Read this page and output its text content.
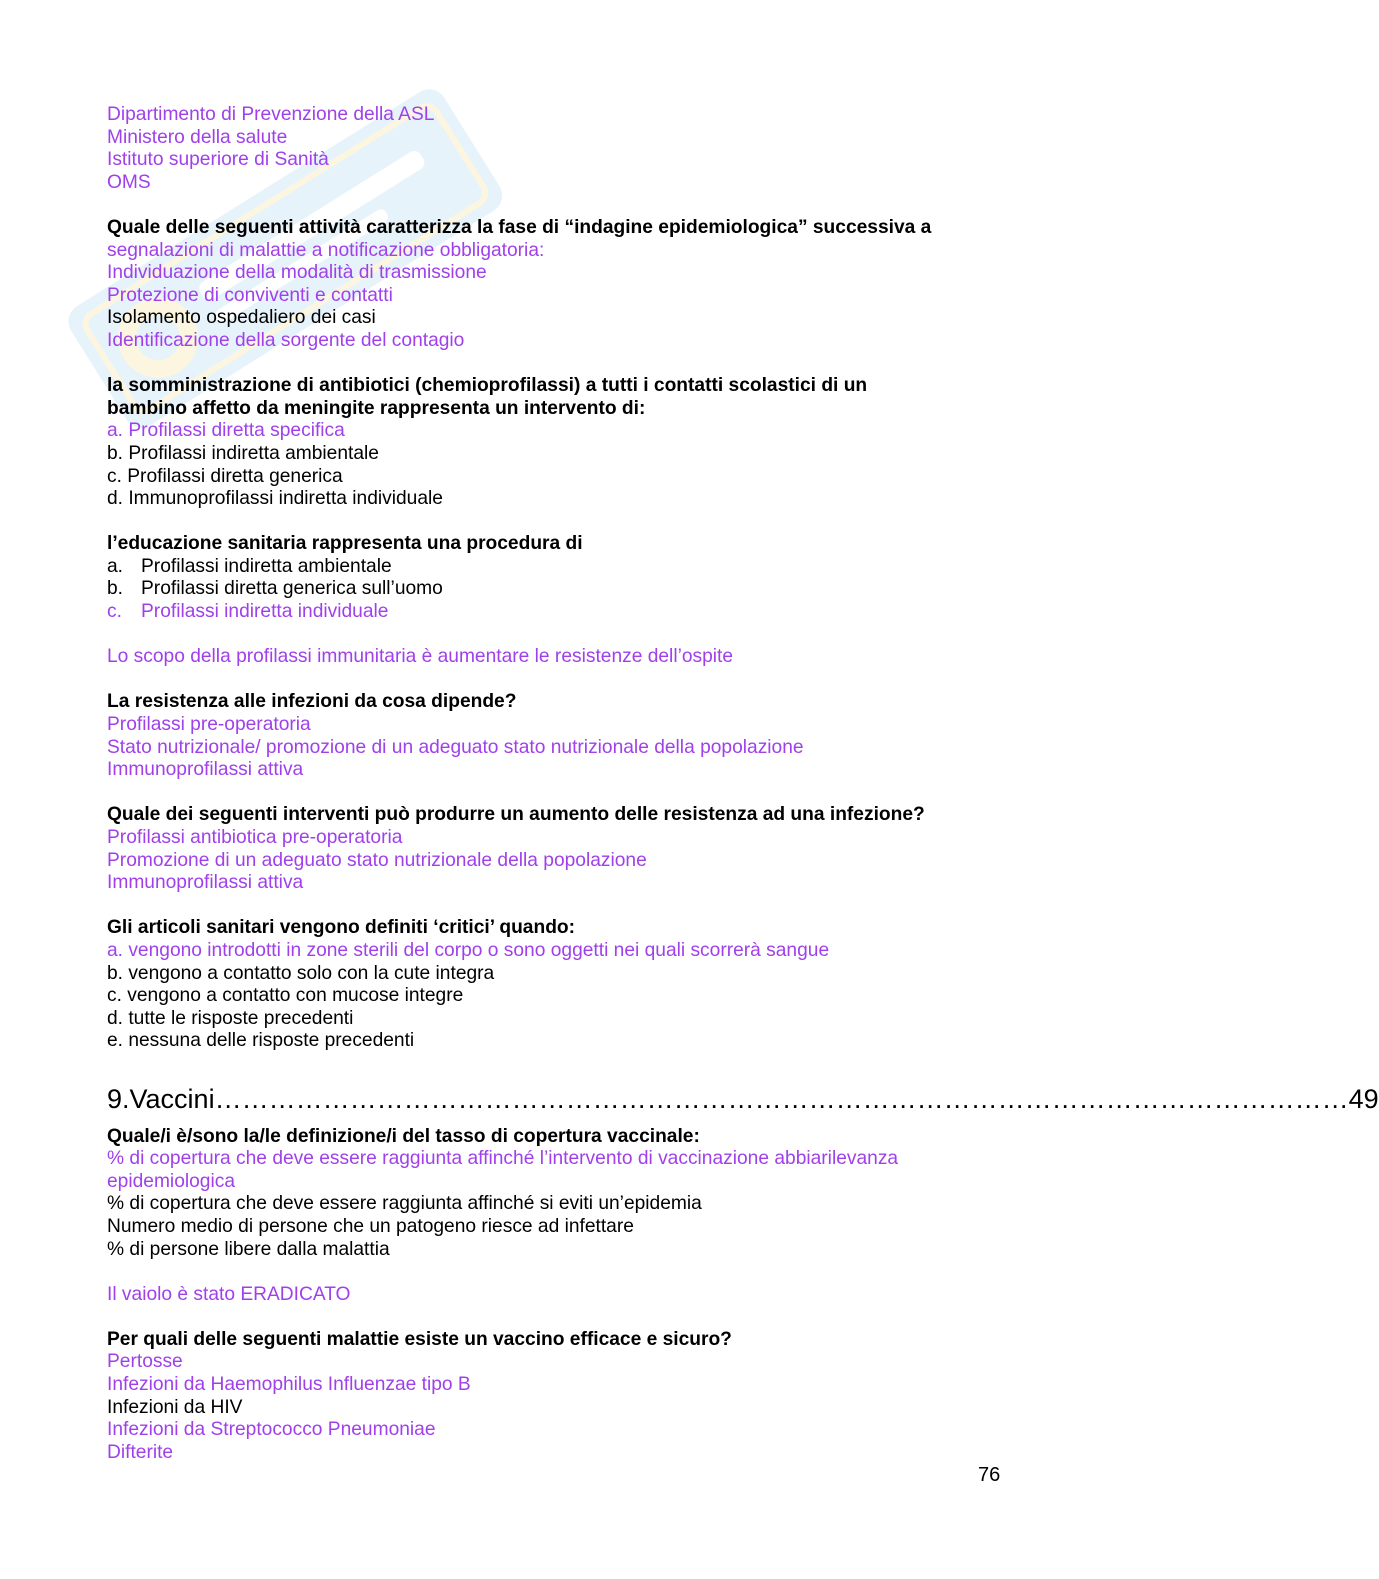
Dipartimento di Prevenzione della ASL
Ministero della salute
Istituto superiore di Sanità
OMS
Quale delle seguenti attività caratterizza la fase di “indagine epidemiologica” successiva a
segnalazioni di malattie a notificazione obbligatoria:
Individuazione della modalità di trasmissione
Protezione di conviventi e contatti
Isolamento ospedaliero dei casi
Identificazione della sorgente del contagio
la somministrazione di antibiotici (chemioprofilassi) a tutti i contatti scolastici di un
bambino affetto da meningite rappresenta un intervento di:
a. Profilassi diretta specifica
b. Profilassi indiretta ambientale
c. Profilassi diretta generica
d. Immunoprofilassi indiretta individuale
l’educazione sanitaria rappresenta una procedura di
a. Profilassi indiretta ambientale
b. Profilassi diretta generica sull’uomo
c. Profilassi indiretta individuale
Lo scopo della profilassi immunitaria è aumentare le resistenze dell’ospite
La resistenza alle infezioni da cosa dipende?
Profilassi pre-operatoria
Stato nutrizionale/ promozione di un adeguato stato nutrizionale della popolazione
Immunoprofilassi attiva
Quale dei seguenti interventi può produrre un aumento delle resistenza ad una infezione?
Profilassi antibiotica pre-operatoria
Promozione di un adeguato stato nutrizionale della popolazione
Immunoprofilassi attiva
Gli articoli sanitari vengono definiti ‘critici’ quando:
a. vengono introdotti in zone sterili del corpo o sono oggetti nei quali scorrerà sangue
b. vengono a contatto solo con la cute integra
c. vengono a contatto con mucose integre
d. tutte le risposte precedenti
e. nessuna delle risposte precedenti
9. Vaccini ……………………………………………………………………………………………………………… 49
Quale/i è/sono la/le definizione/i del tasso di copertura vaccinale:
% di copertura che deve essere raggiunta affinché l’intervento di vaccinazione abbiarilevanza
epidemiologica
% di copertura che deve essere raggiunta affinché si eviti un’epidemia
Numero medio di persone che un patogeno riesce ad infettare
% di persone libere dalla malattia
Il vaiolo è stato ERADICATO
Per quali delle seguenti malattie esiste un vaccino efficace e sicuro?
Pertosse
Infezioni da Haemophilus Influenzae tipo B
Infezioni da HIV
Infezioni da Streptococco Pneumoniae
Difterite
76
